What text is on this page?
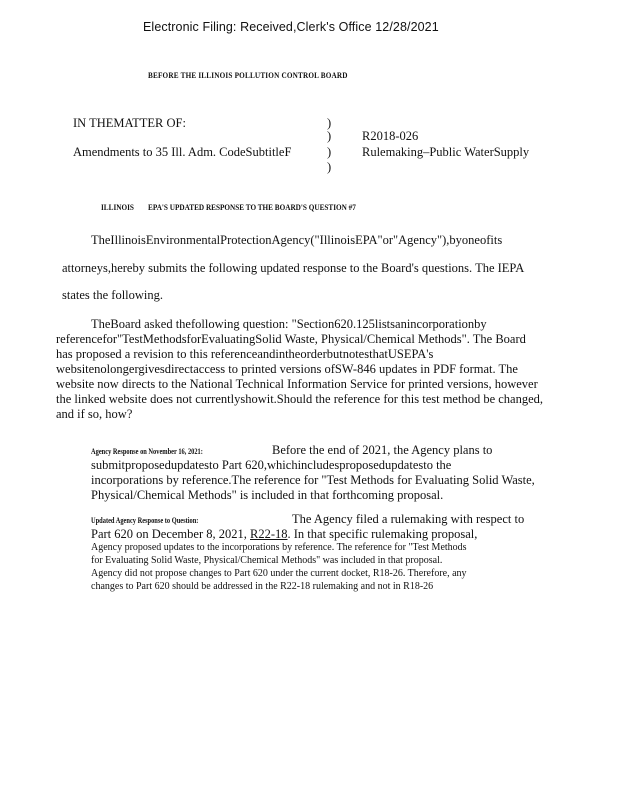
Electronic Filing: Received,Clerk's Office 12/28/2021
BEFORE THE ILLINOIS POLLUTION CONTROL BOARD
IN THEMATTER OF:	)
) R2018-026
Amendments to 35 Ill. Adm. CodeSubtitleF	) Rulemaking–Public WaterSupply
)
ILLINOIS EPA'S UPDATED RESPONSE TO THE BOARD'S QUESTION #7
TheIllinoisEnvironmentalProtectionAgency("IllinoisEPA"or"Agency"),byoneofits
attorneys,hereby submits the following updated response to the Board's questions. The IEPA
states the following.
TheBoard asked thefollowing question: "Section620.125listsanincorporationby
referencefor"TestMethodsforEvaluatingSolid Waste, Physical/Chemical Methods". The Board
has proposed a revision to this referenceandintheorderbutnotesthatUSEPA's
websitenolongergivesdirectaccess to printed versions ofSW-846 updates in PDF format. The
website now directs to the National Technical Information Service for printed versions, however
the linked website does not currentlyshowit.Should the reference for this test method be changed,
and if so, how?
Agency Response on November 16, 2021:	Before the end of 2021, the Agency plans to
submitproposedupdatesto Part 620,whichincludesproposedupdatesto the
incorporations by reference.The reference for "Test Methods for Evaluating Solid Waste,
Physical/Chemical Methods" is included in that forthcoming proposal.
Updated Agency Response to Question:	The Agency filed a rulemaking with respect to
Part 620 on December 8, 2021, R22-18. In that specific rulemaking proposal,
Agency proposed updates to the incorporations by reference. The reference for "Test Methods
for Evaluating Solid Waste, Physical/Chemical Methods" was included in that proposal.
Agency did not propose changes to Part 620 under the current docket, R18-26. Therefore, any
changes to Part 620 should be addressed in the R22-18 rulemaking and not in R18-26
